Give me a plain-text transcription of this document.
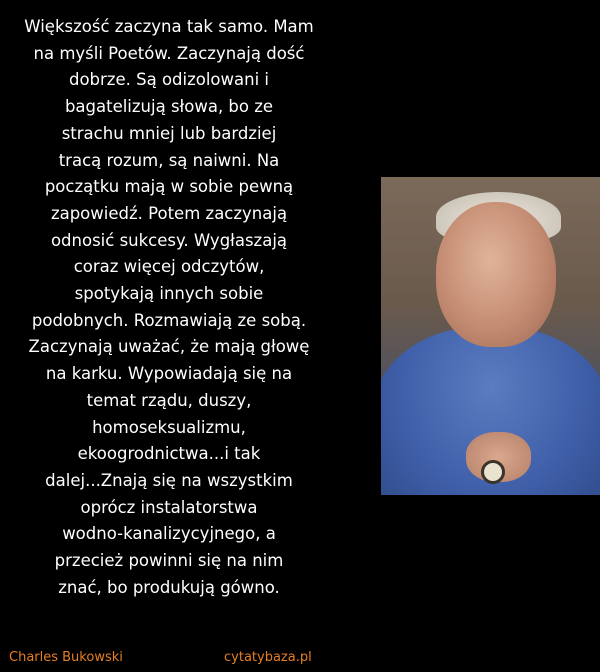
Większość zaczyna tak samo. Mam
na myśli Poetów. Zaczynają dość
dobrze. Są odizolowani i
bagatelizują słowa, bo ze
strachu mniej lub bardziej
tracą rozum, są naiwni. Na
początku mają w sobie pewną
zapowiedź. Potem zaczynają
odnosić sukcesy. Wygłaszają
coraz więcej odczytów,
spotykają innych sobie
podobnych. Rozmawiają ze sobą.
Zaczynają uważać, że mają głowę
na karku. Wypowiadają się na
temat rządu, duszy,
homoseksualizmu,
ekoogrodnictwa...i tak
dalej...Znają się na wszystkim
oprócz instalatorstwa
wodno-kanalizycyjnego, a
przecież powinni się na nim
znać, bo produkują gówno.
Charles Bukowski	cytatybaza.pl
